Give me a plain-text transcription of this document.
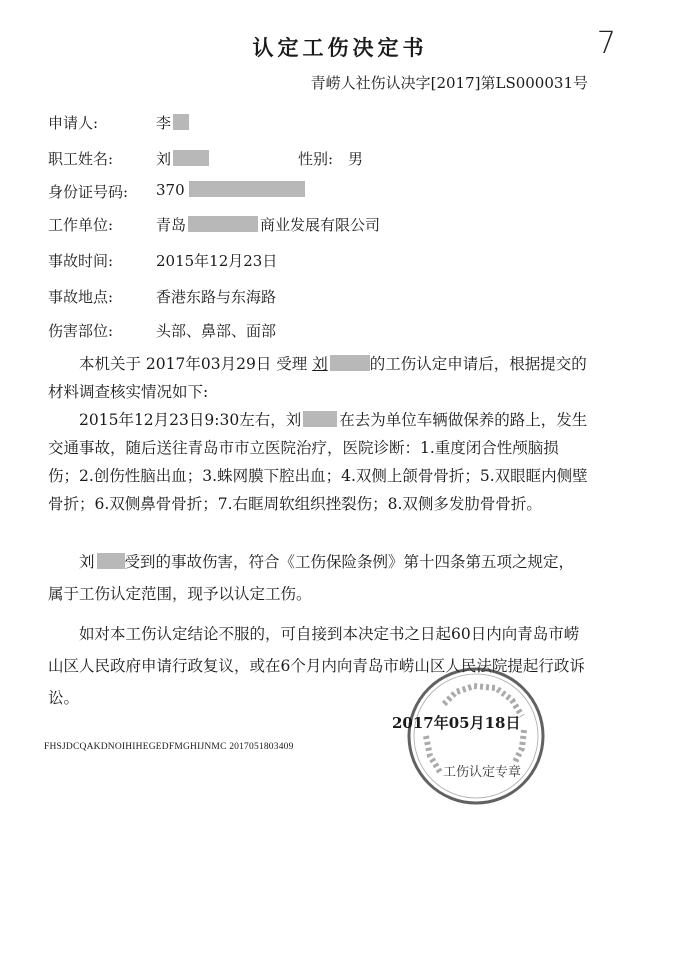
认定工伤决定书	7
青崂人社伤认决字[2017]第LS000031号
申请人:	李
职工姓名:	刘	性别: 男
身份证号码: 370
工作单位:	青岛	商业发展有限公司
事故时间:	2015年12月23日
事故地点:	香港东路与东海路
伤害部位:	头部、鼻部、面部
本机关于 2017年03月29日 受理 刘	的工伤认定申请后，根据提交的材料调查核实情况如下:
2015年12月23日9:30左右，刘 在去为单位车辆做保养的路上，发生交通事故，随后送往青岛市市立医院治疗，医院诊断：1.重度闭合性颅脑损伤；2.创伤性脑出血；3.蛛网膜下腔出血；4.双侧上颌骨骨折；5.双眼眶内侧壁骨折；6.双侧鼻骨骨折；7.右眶周软组织挫裂伤；8.双侧多发肋骨骨折。
刘 受到的事故伤害，符合《工伤保险条例》第十四条第五项之规定，属于工伤认定范围，现予以认定工伤。
如对本工伤认定结论不服的，可自接到本决定书之日起60日内向青岛市崂山区人民政府申请行政复议，或在6个月内向青岛市崂山区人民法院提起行政诉讼。
FHSJDCQAKDNOIHIHEGEDFMGHIJNMC 2017051803409
工伤认定专章
2017年05月18日
